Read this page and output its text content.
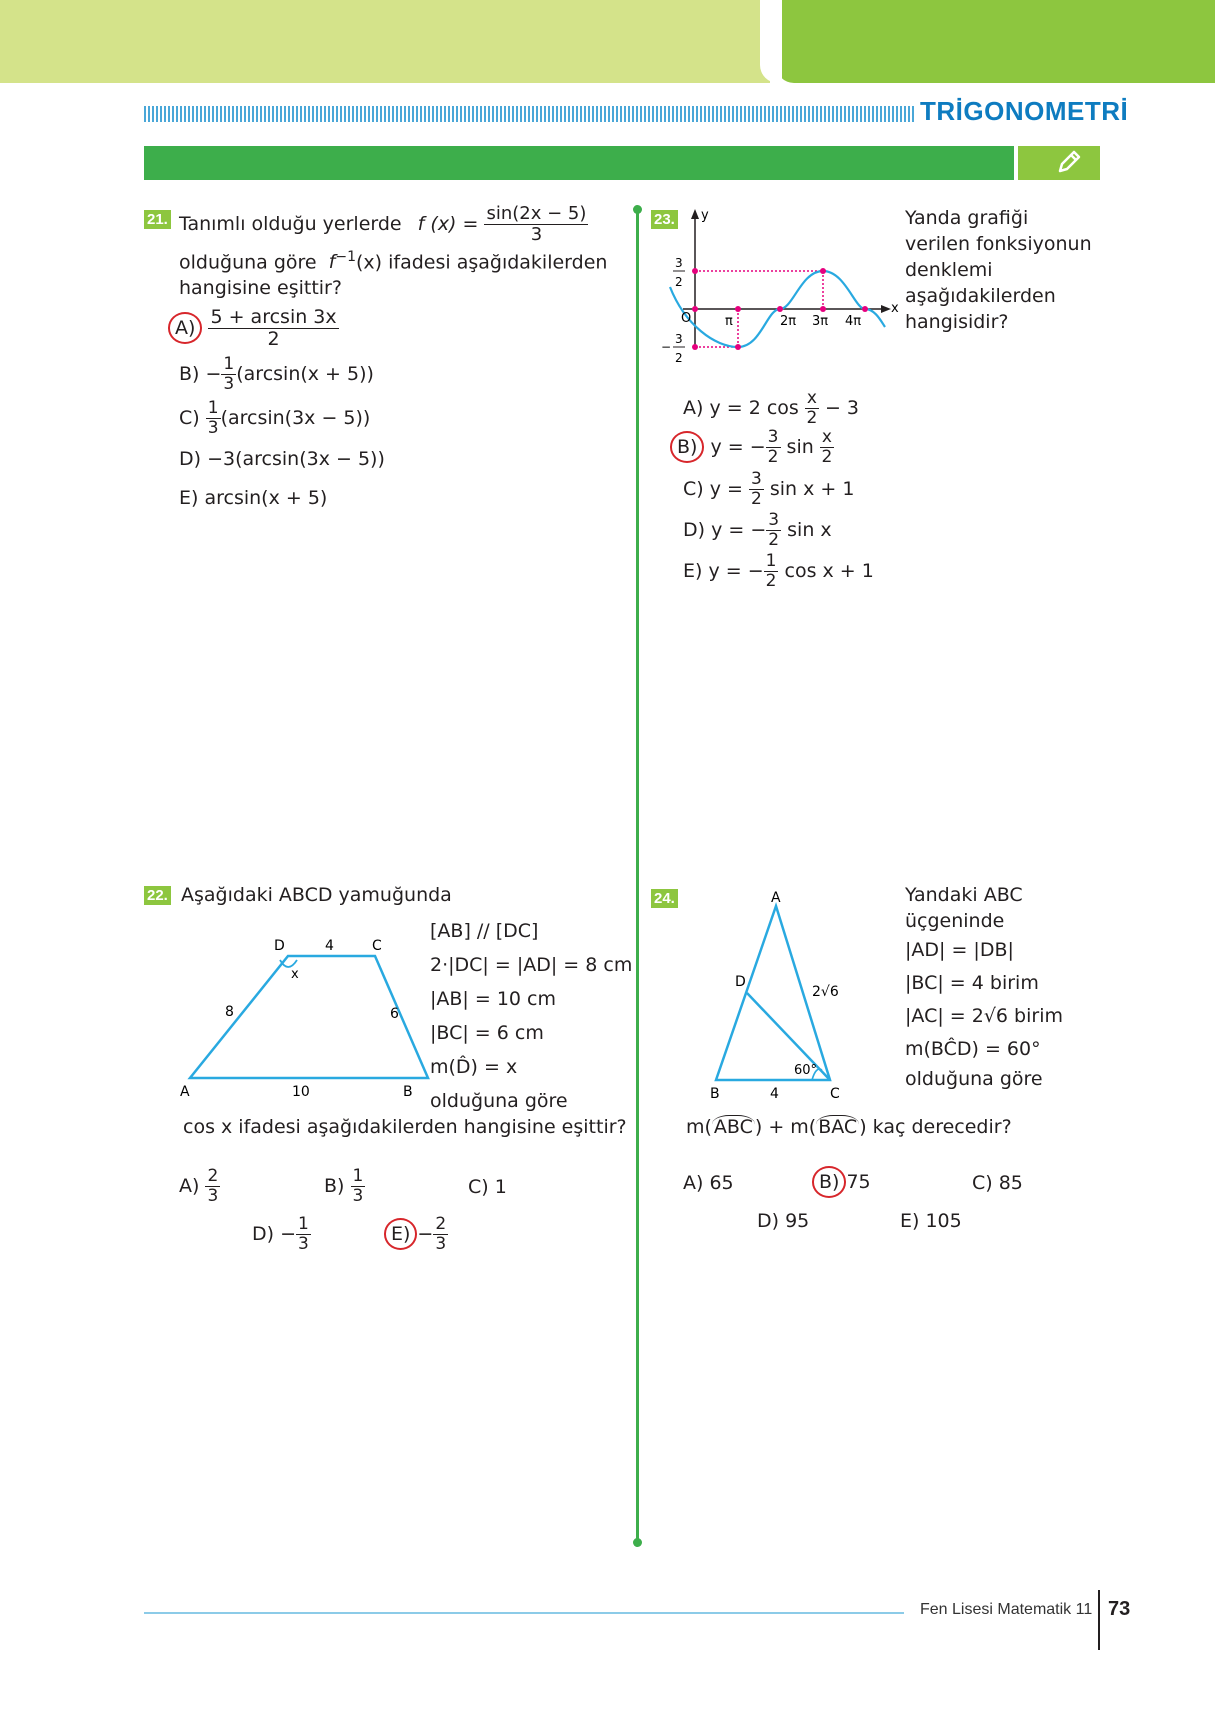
TRİGONOMETRİ
21. Tanımlı olduğu yerlerde f $(x) = \frac{\sin(2x - 5)}{3}$
olduğuna göre $f^{-1}(x)$ ifadesi aşağıdakilerden
hangisine eşittir?
$A) \frac{5 + \arcsin 3x}{2}$
$B) - \frac{1}{3} (\arcsin(x + 5))$
$C) \frac{1}{3} (\arcsin(3x - 5))$
D) −3(arcsin(3x − 5))
E) arcsin(x + 5)
23. y
x
O	π	2π 3π 4π
3
2
−
3
2
Yanda grafiği
verilen fonksiyonun
denklemi
aşağıdakilerden
hangisidir?
A) y = 2 $\cos \frac{x}{2} - 3$
B) y = − $\frac{3}{2}$ $\sin \frac{x}{2}$
C) $y = \frac{3}{2}$ sin x + 1
D) y = − $\frac{3}{2}$ sin x
E) y = − $\frac{1}{2}$ cos x + 1
22. Aşağıdaki ABCD yamuğunda
A	B
C
D	4
8	6
10
x
[AB] // [DC]
2·|DC| = |AD| = 8 cm
|AB| = 10 cm
|BC| = 6 cm
m(D̂) = x
olduğuna göre
cos x ifadesi aşağıdakilerden hangisine eşittir?
$A) \frac{2}{3}$	$B) \frac{1}{3}$	C) 1
$D) - \frac{1}{3}$	$E) - \frac{2}{3}$
24.	A
B	C
D
2√6
4
60°
Yandaki ABC
üçgeninde
|AD| = |DB|
|BC| = 4 birim
|AC| = 2√6 birim
m(BĈD) = 60°
olduğuna göre
m( ABC ) + m( BAC ) kaç derecedir?
A) 65	B) 75	C) 85
D) 95	E) 105
Fen Lisesi Matematik 11 73
